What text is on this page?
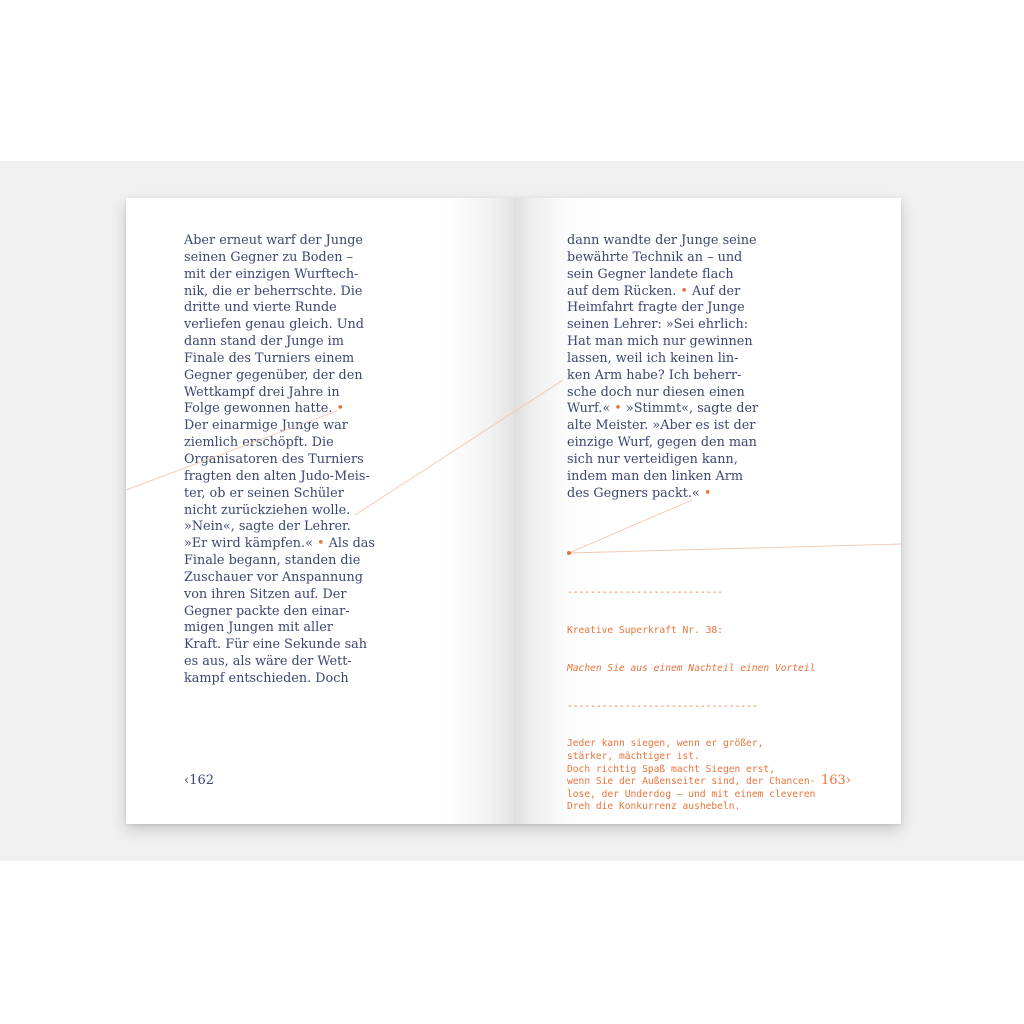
Aber erneut warf der Junge
seinen Gegner zu Boden –
mit der einzigen Wurftech-
nik, die er beherrschte. Die
dritte und vierte Runde
verliefen genau gleich. Und
dann stand der Junge im
Finale des Turniers einem
Gegner gegenüber, der den
Wettkampf drei Jahre in
Folge gewonnen hatte. •
Der einarmige Junge war
ziemlich erschöpft. Die
Organisatoren des Turniers
fragten den alten Judo-Meis-
ter, ob er seinen Schüler
nicht zurückziehen wolle.
»Nein«, sagte der Lehrer.
»Er wird kämpfen.« • Als das
Finale begann, standen die
Zuschauer vor Anspannung
von ihren Sitzen auf. Der
Gegner packte den einar-
migen Jungen mit aller
Kraft. Für eine Sekunde sah
es aus, als wäre der Wett-
kampf entschieden. Doch

‹162

dann wandte der Junge seine
bewährte Technik an – und
sein Gegner landete flach
auf dem Rücken. • Auf der
Heimfahrt fragte der Junge
seinen Lehrer: »Sei ehrlich:
Hat man mich nur gewinnen
lassen, weil ich keinen lin-
ken Arm habe? Ich beherr-
sche doch nur diesen einen
Wurf.« • »Stimmt«, sagte der
alte Meister. »Aber es ist der
einzige Wurf, gegen den man
sich nur verteidigen kann,
indem man den linken Arm
des Gegners packt.« •

---------------------------

Kreative Superkraft Nr. 38:

Machen Sie aus einem Nachteil einen Vorteil

---------------------------------

Jeder kann siegen, wenn er größer,
stärker, mächtiger ist.
Doch richtig Spaß macht Siegen erst,
wenn Sie der Außenseiter sind, der Chancen-
lose, der Underdog – und mit einem cleveren
Dreh die Konkurrenz aushebeln.

163›
